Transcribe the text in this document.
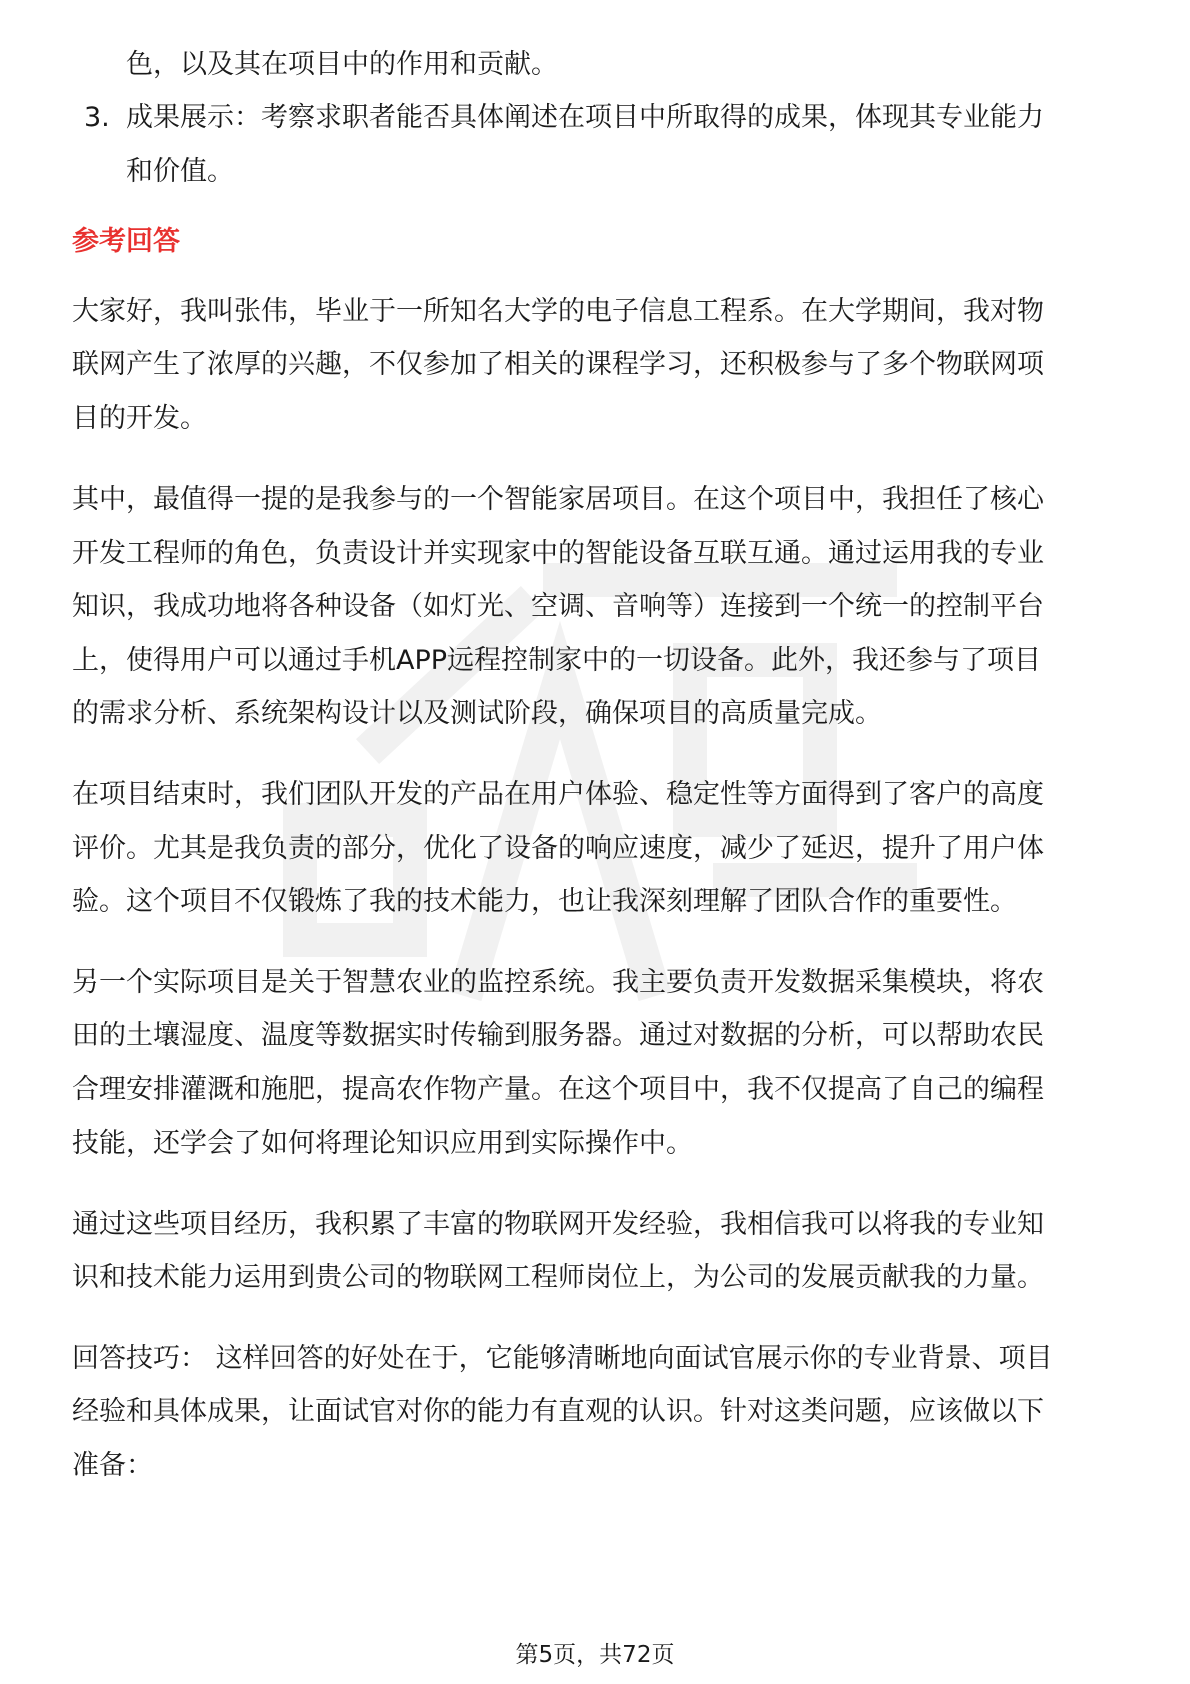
色，以及其在项目中的作用和贡献。
3. 成果展示：考察求职者能否具体阐述在项目中所取得的成果，体现其专业能力
和价值。
参考回答
大家好，我叫张伟，毕业于一所知名大学的电子信息工程系。在大学期间，我对物
联网产生了浓厚的兴趣，不仅参加了相关的课程学习，还积极参与了多个物联网项
目的开发。
其中，最值得一提的是我参与的一个智能家居项目。在这个项目中，我担任了核心
开发工程师的角色，负责设计并实现家中的智能设备互联互通。通过运用我的专业
知识，我成功地将各种设备（如灯光、空调、音响等）连接到一个统一的控制平台
上，使得用户可以通过手机APP远程控制家中的一切设备。此外，我还参与了项目
的需求分析、系统架构设计以及测试阶段，确保项目的高质量完成。
在项目结束时，我们团队开发的产品在用户体验、稳定性等方面得到了客户的高度
评价。尤其是我负责的部分，优化了设备的响应速度，减少了延迟，提升了用户体
验。这个项目不仅锻炼了我的技术能力，也让我深刻理解了团队合作的重要性。
另一个实际项目是关于智慧农业的监控系统。我主要负责开发数据采集模块，将农
田的土壤湿度、温度等数据实时传输到服务器。通过对数据的分析，可以帮助农民
合理安排灌溉和施肥，提高农作物产量。在这个项目中，我不仅提高了自己的编程
技能，还学会了如何将理论知识应用到实际操作中。
通过这些项目经历，我积累了丰富的物联网开发经验，我相信我可以将我的专业知
识和技术能力运用到贵公司的物联网工程师岗位上，为公司的发展贡献我的力量。
回答技巧： 这样回答的好处在于，它能够清晰地向面试官展示你的专业背景、项目
经验和具体成果，让面试官对你的能力有直观的认识。针对这类问题，应该做以下
准备：
第5页，共72页
